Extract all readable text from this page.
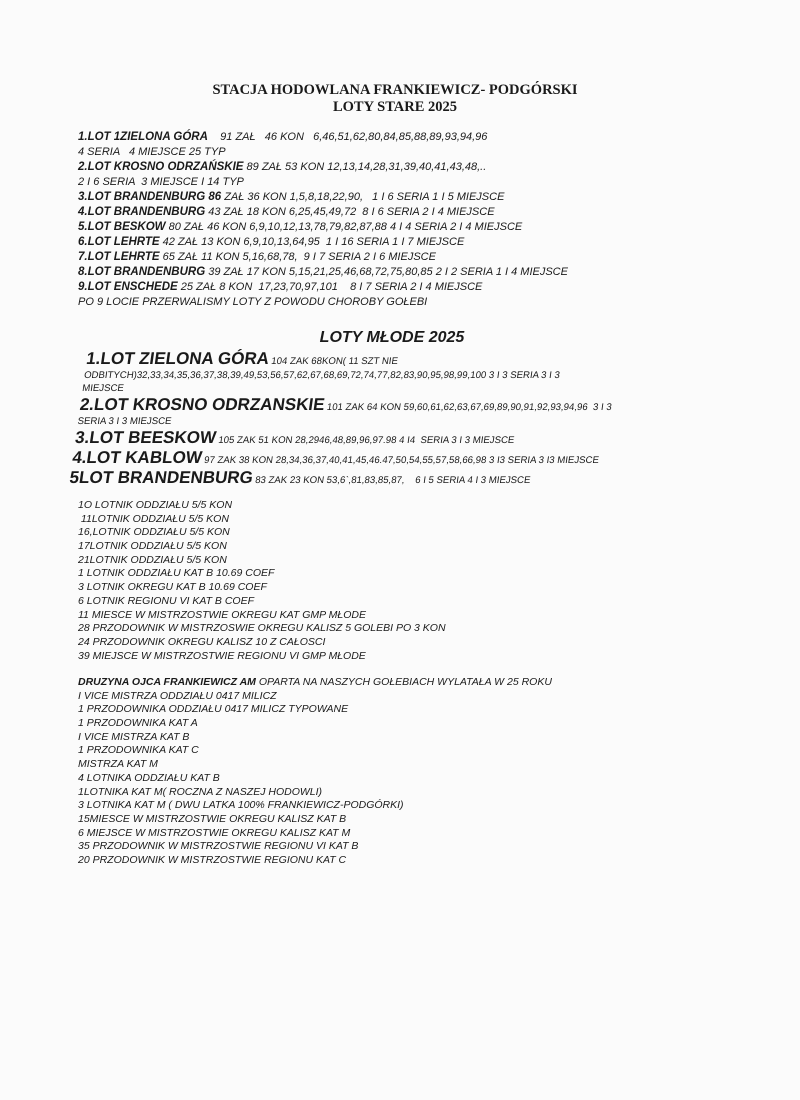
STACJA HODOWLANA FRANKIEWICZ- PODGÓRSKI
LOTY STARE 2025
1.LOT 1ZIELONA GÓRA    91 ZAŁ   46 KON   6,46,51,62,80,84,85,88,89,93,94,96
4 SERIA   4 MIEJSCE 25 TYP
2.LOT KROSNO ODRZAŃSKIE 89 ZAŁ 53 KON 12,13,14,28,31,39,40,41,43,48,..
2 I 6 SERIA  3 MIEJSCE I 14 TYP
3.LOT BRANDENBURG 86 ZAŁ 36 KON 1,5,8,18,22,90,   1 I 6 SERIA 1 I 5 MIEJSCE
4.LOT BRANDENBURG 43 ZAŁ 18 KON 6,25,45,49,72  8 I 6 SERIA 2 I 4 MIEJSCE
5.LOT BESKOW 80 ZAŁ 46 KON 6,9,10,12,13,78,79,82,87,88 4 I 4 SERIA 2 I 4 MIEJSCE
6.LOT LEHRTE 42 ZAŁ 13 KON 6,9,10,13,64,95  1 I 16 SERIA 1 I 7 MIEJSCE
7.LOT LEHRTE 65 ZAŁ 11 KON 5,16,68,78,  9 I 7 SERIA 2 I 6 MIEJSCE
8.LOT BRANDENBURG 39 ZAŁ 17 KON 5,15,21,25,46,68,72,75,80,85 2 I 2 SERIA 1 I 4 MIEJSCE
9.LOT ENSCHEDE 25 ZAŁ 8 KON  17,23,70,97,101    8 I 7 SERIA 2 I 4 MIEJSCE
PO 9 LOCIE PRZERWALISMY LOTY Z POWODU CHOROBY GOŁEBI
LOTY MŁODE 2025
1.LOT ZIELONA GÓRA 104 ZAK 68KON( 11 SZT NIE
ODBITYCH)32,33,34,35,36,37,38,39,49,53,56,57,62,67,68,69,72,74,77,82,83,90,95,98,99,100 3 I 3 SERIA 3 I 3
MIEJSCE
2.LOT KROSNO ODRZANSKIE 101 ZAK 64 KON 59,60,61,62,63,67,69,89,90,91,92,93,94,96  3 I 3
SERIA 3 I 3 MIEJSCE
3.LOT BEESKOW 105 ZAK 51 KON 28,2946,48,89,96,97.98 4 I4  SERIA 3 I 3 MIEJSCE
4.LOT KABLOW 97 ZAK 38 KON 28,34,36,37,40,41,45,46.47,50,54,55,57,58,66,98 3 I3 SERIA 3 I3 MIEJSCE
5LOT BRANDENBURG 83 ZAK 23 KON 53,6`,81,83,85,87,    6 I 5 SERIA 4 I 3 MIEJSCE
1O LOTNIK ODDZIAŁU 5/5 KON
11LOTNIK ODDZIAŁU 5/5 KON
16,LOTNIK ODDZIAŁU 5/5 KON
17LOTNIK ODDZIAŁU 5/5 KON
21LOTNIK ODDZIAŁU 5/5 KON
1 LOTNIK ODDZIAŁU KAT B 10.69 COEF
3 LOTNIK OKREGU KAT B 10.69 COEF
6 LOTNIK REGIONU VI KAT B COEF
11 MIESCE W MISTRZOSTWIE OKREGU KAT GMP MŁODE
28 PRZODOWNIK W MISTRZOSWIE OKREGU KALISZ 5 GOLEBI PO 3 KON
24 PRZODOWNIK OKREGU KALISZ 10 Z CAŁOSCI
39 MIEJSCE W MISTRZOSTWIE REGIONU VI GMP MŁODE
DRUZYNA OJCA FRANKIEWICZ AM OPARTA NA NASZYCH GOŁEBIACH WYLATAŁA W 25 ROKU
I VICE MISTRZA ODDZIAŁU 0417 MILICZ
1 PRZODOWNIKA ODDZIAŁU 0417 MILICZ TYPOWANE
1 PRZODOWNIKA KAT A
I VICE MISTRZA KAT B
1 PRZODOWNIKA KAT C
MISTRZA KAT M
4 LOTNIKA ODDZIAŁU KAT B
1LOTNIKA KAT M( ROCZNA Z NASZEJ HODOWLI)
3 LOTNIKA KAT M ( DWU LATKA 100% FRANKIEWICZ-PODGÓRKI)
15MIESCE W MISTRZOSTWIE OKREGU KALISZ KAT B
6 MIEJSCE W MISTRZOSTWIE OKREGU KALISZ KAT M
35 PRZODOWNIK W MISTRZOSTWIE REGIONU VI KAT B
20 PRZODOWNIK W MISTRZOSTWIE REGIONU KAT C
